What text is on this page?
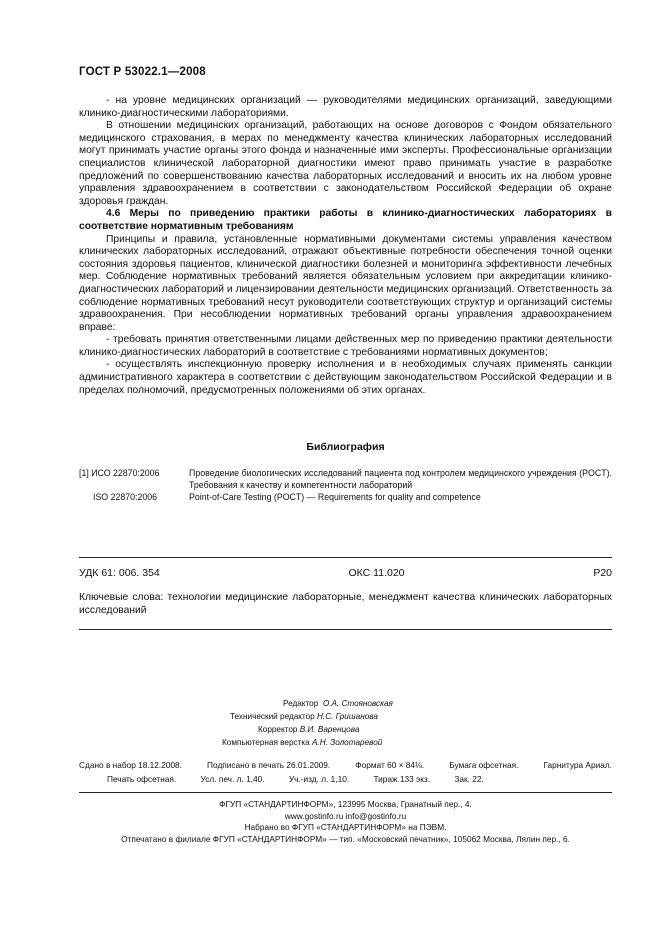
ГОСТ Р 53022.1—2008

- на уровне медицинских организаций — руководителями медицинских организаций, заведующими клинико-диагностическими лабораториями.

В отношении медицинских организаций, работающих на основе договоров с Фондом обязательного медицинского страхования, в мерах по менеджменту качества клинических лабораторных исследований могут принимать участие органы этого фонда и назначенные ими эксперты. Профессиональные организации специалистов клинической лабораторной диагностики имеют право принимать участие в разработке предложений по совершенствованию качества лабораторных исследований и вносить их на любом уровне управления здравоохранением в соответствии с законодательством Российской Федерации об охране здоровья граждан.

4.6 Меры по приведению практики работы в клинико-диагностических лабораториях в соответствие нормативным требованиям

Принципы и правила, установленные нормативными документами системы управления качеством клинических лабораторных исследований, отражают объективные потребности обеспечения точной оценки состояния здоровья пациентов, клинической диагностики болезней и мониторинга эффективности лечебных мер. Соблюдение нормативных требований является обязательным условием при аккредитации клинико-диагностических лабораторий и лицензировании деятельности медицинских организаций. Ответственность за соблюдение нормативных требований несут руководители соответствующих структур и организаций системы здравоохранения. При несоблюдении нормативных требований органы управления здравоохранением вправе:

- требовать принятия ответственными лицами действенных мер по приведению практики деятельности клинико-диагностических лабораторий в соответствие с требованиями нормативных документов;

- осуществлять инспекционную проверку исполнения и в необходимых случаях применять санкции административного характера в соответствии с действующим законодательством Российской Федерации и в пределах полномочий, предусмотренных положениями об этих органах.

Библиография
[1] ИСО 22870:2006	Проведение биологических исследований пациента под контролем медицинского учреждения (POCT). Требования к качеству и компетентности лабораторий
ISO 22870:2006	Point-of-Care Testing (POCT) — Requirements for quality and competence
УДК 61: 006. 354	ОКС 11.020	P20
Ключевые слова: технологии медицинские лабораторные, менеджмент качества клинических лабораторных исследований
Редактор О.А. Стояновская
Технический редактор Н.С. Гришанова
Корректор В.И. Варенцова
Компьютерная верстка А.Н. Золотаревой
Сдано в набор 18.12.2008.	Подписано в печать 26.01.2009.	Формат 60 × 84⅛.	Бумага офсетная.	Гарнитура Ариал.
Печать офсетная.	Усл. печ. л. 1,40.	Уч.-изд. л. 1,10.	Тираж 133 экз.	Зак. 22.
ФГУП «СТАНДАРТИНФОРМ», 123995 Москва, Гранатный пер., 4.
www.gostinfo.ru info@gostinfo.ru
Набрано во ФГУП «СТАНДАРТИНФОРМ» на ПЭВМ.
Отпечатано в филиале ФГУП «СТАНДАРТИНФОРМ» — тип. «Московский печатник», 105062 Москва, Лялин пер., 6.
